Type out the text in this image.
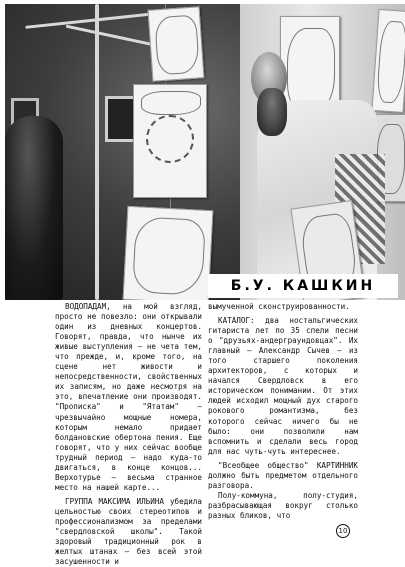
Б.У. КАШКИН

ВОДОПАДАМ, на мой взгляд, просто не повезло: они открывали один из дневных концертов. Говорят, правда, что нынче их живые выступления – не чета тем, что прежде, и, кроме того, на сцене нет живости и непосредственности, свойственных их записям, но даже несмотря на это, впечатление они производят. "Прописка" и "Ятатам" – чрезвычайно мощные номера, которым немало придает болдановские обертона пения. Еще говорят, что у них сейчас вообще трудный период – надо куда-то двигаться, в конце концов... Верхотурье – весьма странное место на нашей карте...

ГРУППА МАКСИМА ИЛЬИНА убедила цельностью своих стереотипов и профессионализмом за пределами "свердловской школы". Такой здоровый традиционный рок в желтых штанах – без всей этой засушенности и

вымученной сконструированности.

КАТАЛОГ: два ностальгических гитариста лет по 35 спели песни о "друзьях-андерграундовцах". Их главный – Александр Сычев – из того старшего поколения архитекторов, с которых и начался Свердловск в его историческом понимании. От этих людей исходил мощный дух старого рокового романтизма, без которого сейчас ничего бы не было: они позволили нам вспомнить и сделали весь город для нас чуть-чуть интереснее.

"Всеобщее общество" КАРТИННИК должно быть предметом отдельного разговора.

Полу-коммуна, полу-студия, разбрасывающая вокруг столько разных бликов, что

10
